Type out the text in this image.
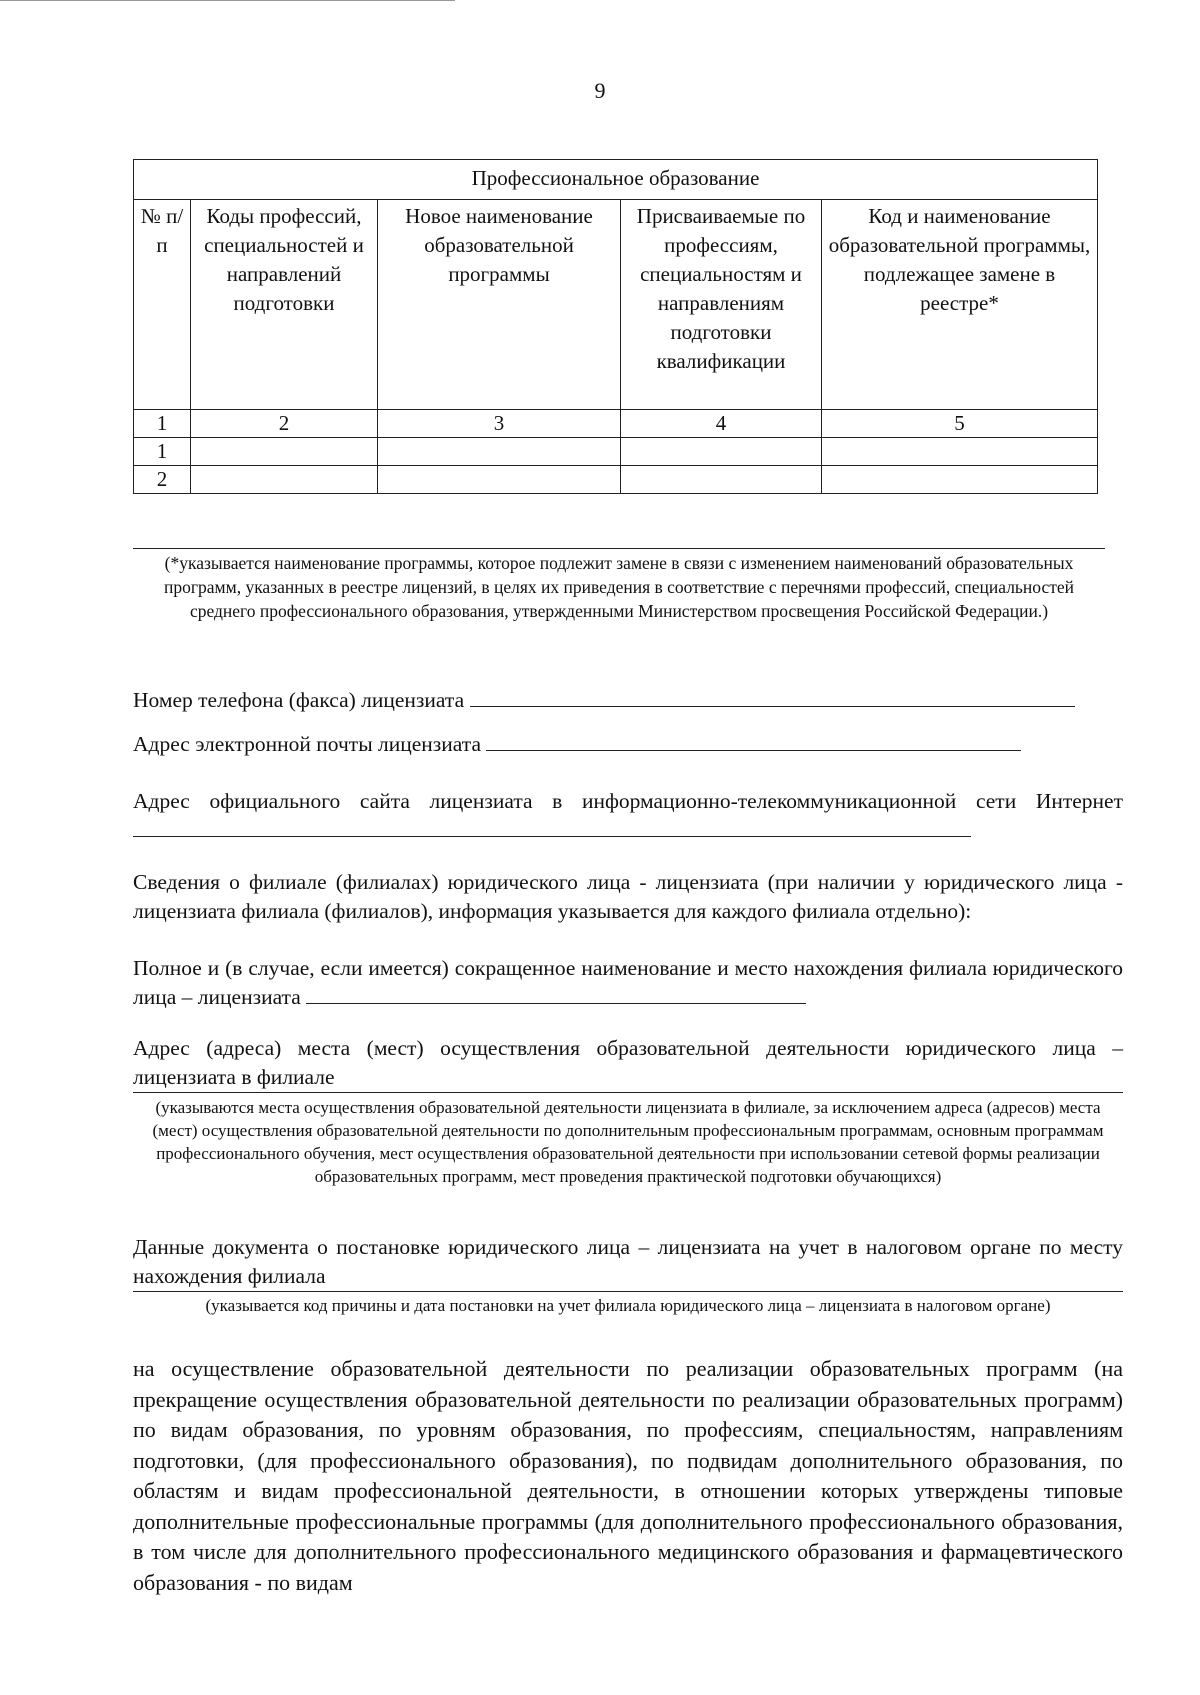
9
Профессиональное образование				
№ п/п	Коды профессий, специальностей и направлений подготовки	Новое наименование образовательной программы	Присваиваемые по профессиям, специальностям и направлениям подготовки квалификации	Код и наименование образовательной программы, подлежащее замене в реестре*
1	2	3	4	5
1				
2				
(*указывается наименование программы, которое подлежит замене в связи с изменением наименований образовательных программ, указанных в реестре лицензий, в целях их приведения в соответствие с перечнями профессий, специальностей среднего профессионального образования, утвержденными Министерством просвещения Российской Федерации.)
Номер телефона (факса) лицензиата
Адрес электронной почты лицензиата
Адрес официального сайта лицензиата в информационно-телекоммуникационной сети Интернет
Сведения о филиале (филиалах) юридического лица - лицензиата (при наличии у юридического лица - лицензиата филиала (филиалов), информация указывается для каждого филиала отдельно):
Полное и (в случае, если имеется) сокращенное наименование и место нахождения филиала юридического лица – лицензиата
Адрес (адреса) места (мест) осуществления образовательной деятельности юридического лица – лицензиата в филиале
(указываются места осуществления образовательной деятельности лицензиата в филиале, за исключением адреса (адресов) места (мест) осуществления образовательной деятельности по дополнительным профессиональным программам, основным программам профессионального обучения, мест осуществления образовательной деятельности при использовании сетевой формы реализации образовательных программ, мест проведения практической подготовки обучающихся)
Данные документа о постановке юридического лица – лицензиата на учет в налоговом органе по месту нахождения филиала
(указывается код причины и дата постановки на учет филиала юридического лица – лицензиата в налоговом органе)
на осуществление образовательной деятельности по реализации образовательных программ (на прекращение осуществления образовательной деятельности по реализации образовательных программ) по видам образования, по уровням образования, по профессиям, специальностям, направлениям подготовки, (для профессионального образования), по подвидам дополнительного образования, по областям и видам профессиональной деятельности, в отношении которых утверждены типовые дополнительные профессиональные программы (для дополнительного профессионального образования, в том числе для дополнительного профессионального медицинского образования и фармацевтического образования - по видам
